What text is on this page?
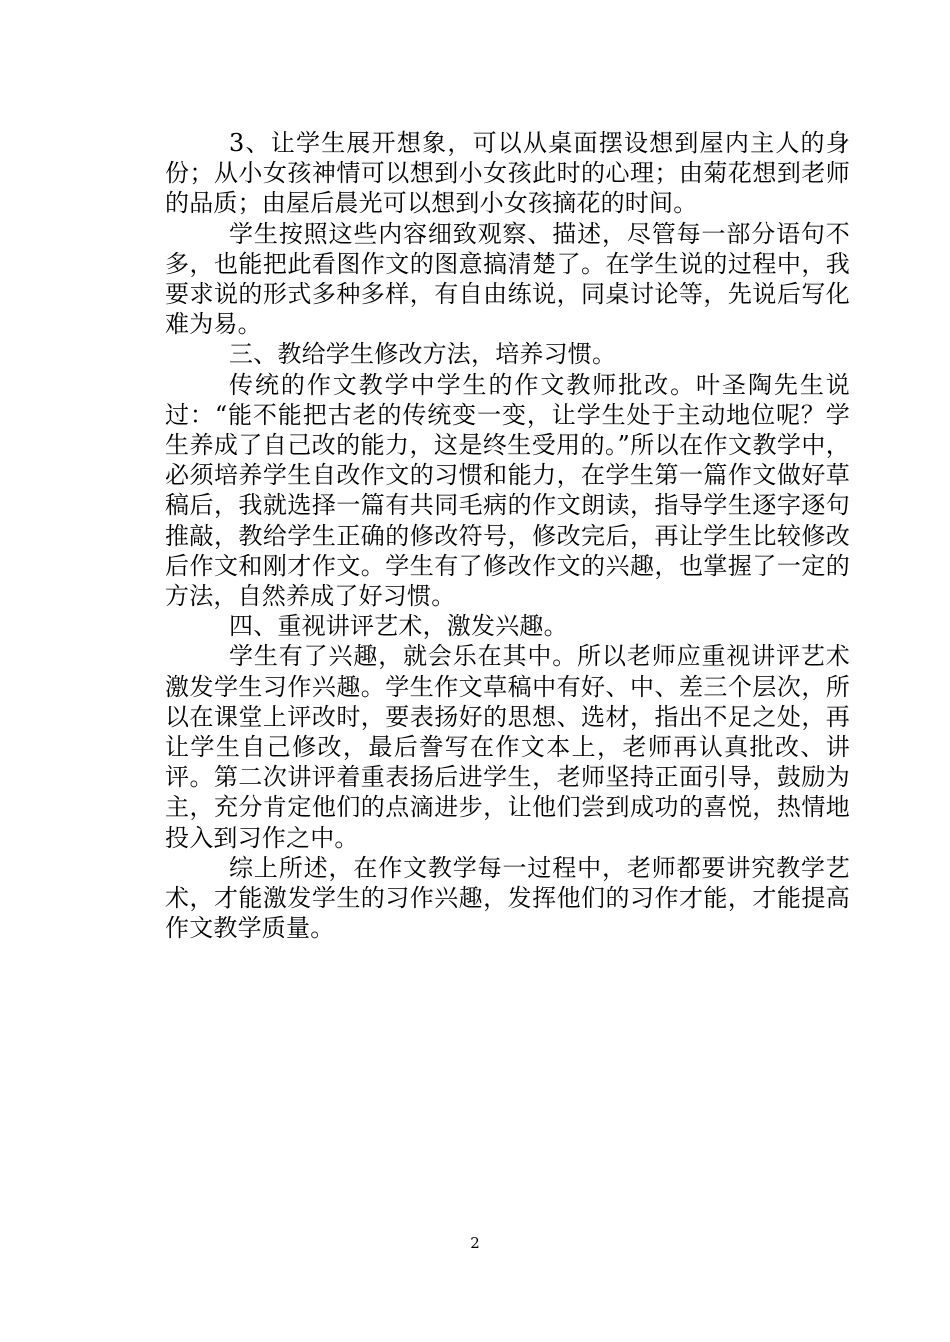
3、让学生展开想象，可以从桌面摆设想到屋内主人的身份；从小女孩神情可以想到小女孩此时的心理；由菊花想到老师的品质；由屋后晨光可以想到小女孩摘花的时间。

学生按照这些内容细致观察、描述，尽管每一部分语句不多，也能把此看图作文的图意搞清楚了。在学生说的过程中，我要求说的形式多种多样，有自由练说，同桌讨论等，先说后写化难为易。

三、教给学生修改方法，培养习惯。

传统的作文教学中学生的作文教师批改。叶圣陶先生说过：“能不能把古老的传统变一变，让学生处于主动地位呢？学生养成了自己改的能力，这是终生受用的。”所以在作文教学中，必须培养学生自改作文的习惯和能力，在学生第一篇作文做好草稿后，我就选择一篇有共同毛病的作文朗读，指导学生逐字逐句推敲，教给学生正确的修改符号，修改完后，再让学生比较修改后作文和刚才作文。学生有了修改作文的兴趣，也掌握了一定的方法，自然养成了好习惯。

四、重视讲评艺术，激发兴趣。

学生有了兴趣，就会乐在其中。所以老师应重视讲评艺术激发学生习作兴趣。学生作文草稿中有好、中、差三个层次，所以在课堂上评改时，要表扬好的思想、选材，指出不足之处，再让学生自己修改，最后誊写在作文本上，老师再认真批改、讲评。第二次讲评着重表扬后进学生，老师坚持正面引导，鼓励为主，充分肯定他们的点滴进步，让他们尝到成功的喜悦，热情地投入到习作之中。

综上所述，在作文教学每一过程中，老师都要讲究教学艺术，才能激发学生的习作兴趣，发挥他们的习作才能，才能提高作文教学质量。

2
